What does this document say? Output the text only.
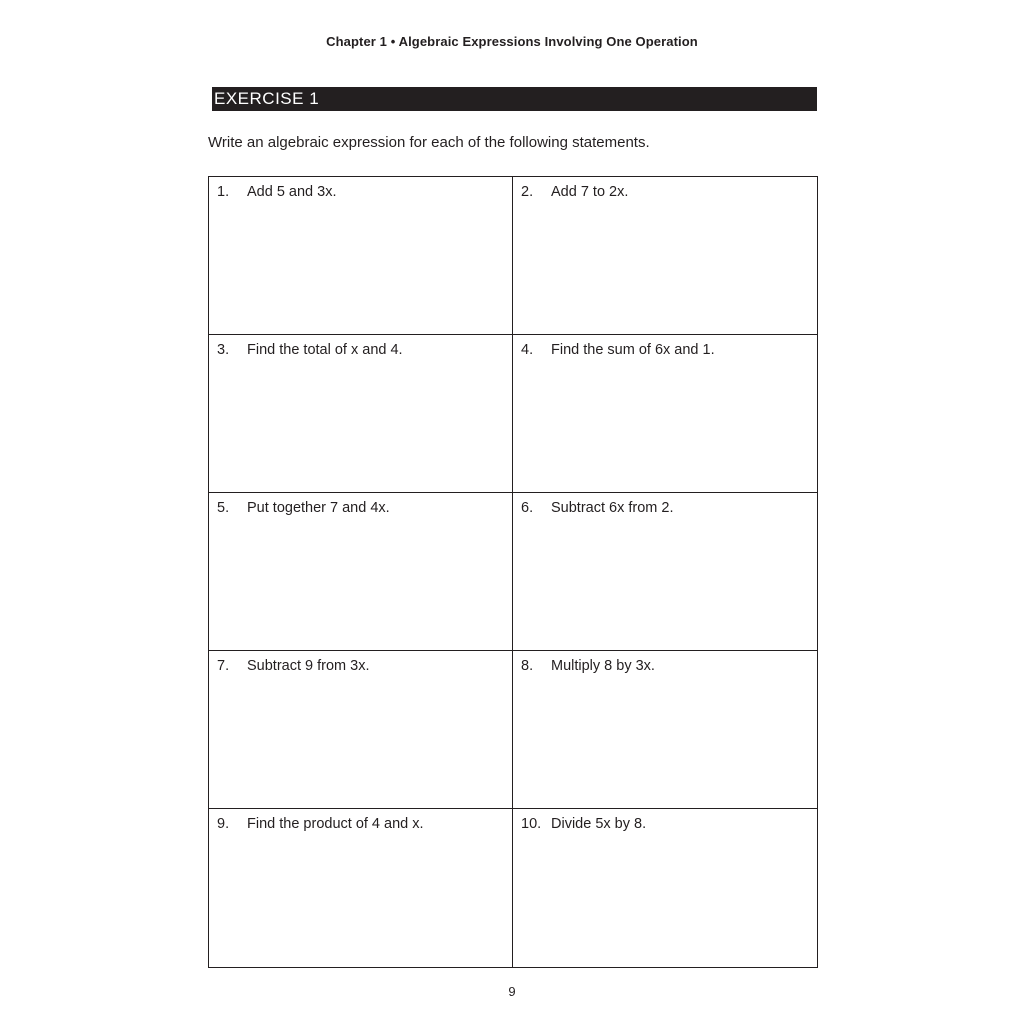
Chapter 1 • Algebraic Expressions Involving One Operation
EXERCISE 1
Write an algebraic expression for each of the following statements.
1.	Add 5 and 3x.	2.	Add 7 to 2x.
3.	Find the total of x and 4.	4.	Find the sum of 6x and 1.
5.	Put together 7 and 4x.	6.	Subtract 6x from 2.
7.	Subtract 9 from 3x.	8.	Multiply 8 by 3x.
9.	Find the product of 4 and x.	10. Divide 5x by 8.
9
